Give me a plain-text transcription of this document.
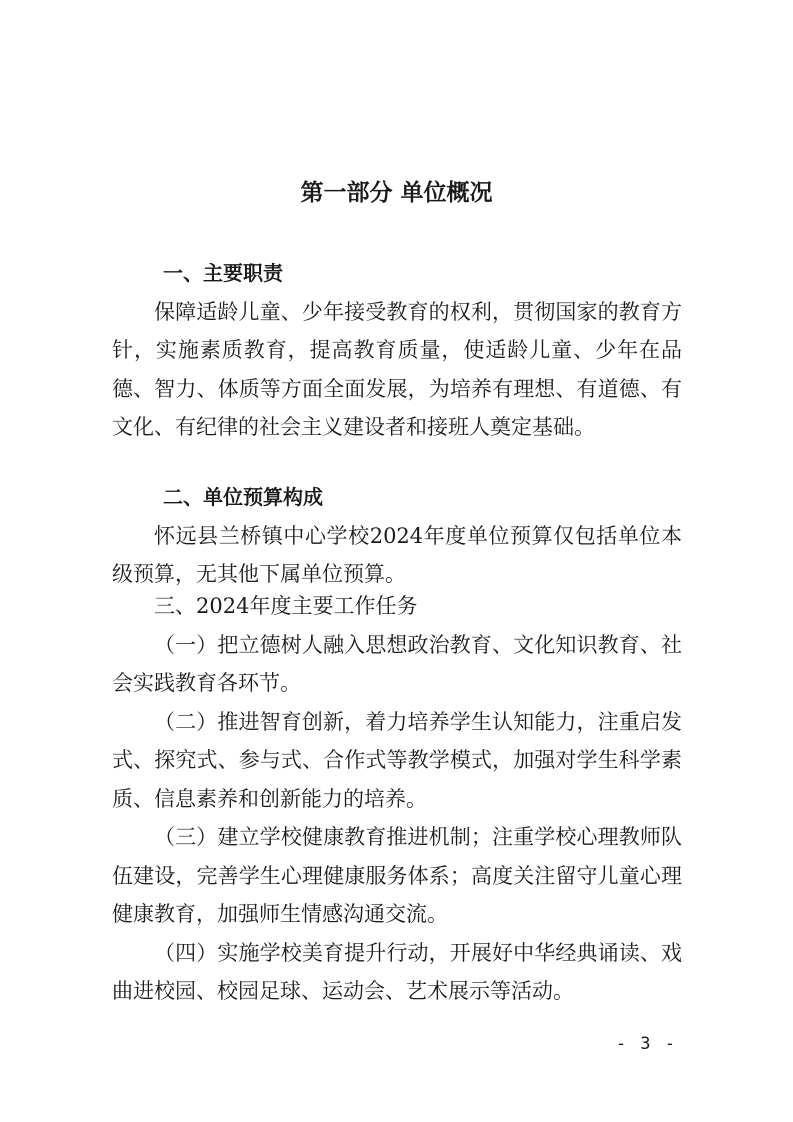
第一部分 单位概况

一、主要职责

保障适龄儿童、少年接受教育的权利，贯彻国家的教育方针，实施素质教育，提高教育质量，使适龄儿童、少年在品德、智力、体质等方面全面发展，为培养有理想、有道德、有文化、有纪律的社会主义建设者和接班人奠定基础。

二、单位预算构成

怀远县兰桥镇中心学校2024年度单位预算仅包括单位本级预算，无其他下属单位预算。

三、2024年度主要工作任务

（一）把立德树人融入思想政治教育、文化知识教育、社会实践教育各环节。

（二）推进智育创新，着力培养学生认知能力，注重启发式、探究式、参与式、合作式等教学模式，加强对学生科学素质、信息素养和创新能力的培养。

（三）建立学校健康教育推进机制；注重学校心理教师队伍建设，完善学生心理健康服务体系；高度关注留守儿童心理健康教育，加强师生情感沟通交流。

（四）实施学校美育提升行动，开展好中华经典诵读、戏曲进校园、校园足球、运动会、艺术展示等活动。

- 3 -
